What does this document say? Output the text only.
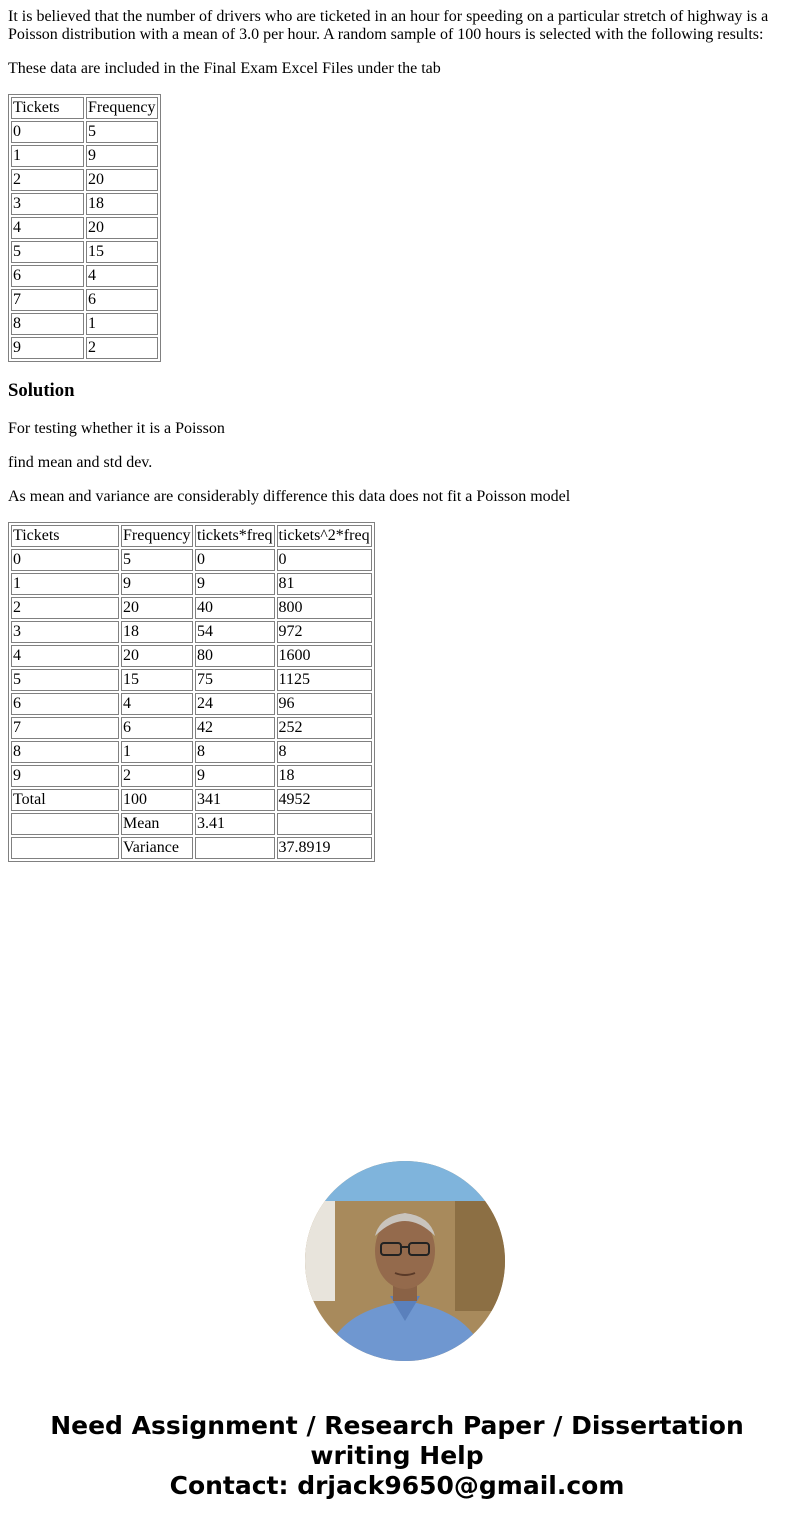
It is believed that the number of drivers who are ticketed in an hour for speeding on a particular stretch of highway is a Poisson distribution with a mean of 3.0 per hour. A random sample of 100 hours is selected with the following results:

These data are included in the Final Exam Excel Files under the tab

Tickets	Frequency
0	5
1	9
2	20
3	18
4	20
5	15
6	4
7	6
8	1
9	2
Solution

For testing whether it is a Poisson

find mean and std dev.

As mean and variance are considerably difference this data does not fit a Poisson model

Tickets	Frequency	tickets*freq	tickets^2*freq
0	5	0	0
1	9	9	81
2	20	40	800
3	18	54	972
4	20	80	1600
5	15	75	1125
6	4	24	96
7	6	42	252
8	1	8	8
9	2	9	18
Total	100	341	4952
	Mean	3.41	
	Variance		37.8919
Need Assignment / Research Paper / Dissertation
writing Help
Contact: drjack9650@gmail.com
